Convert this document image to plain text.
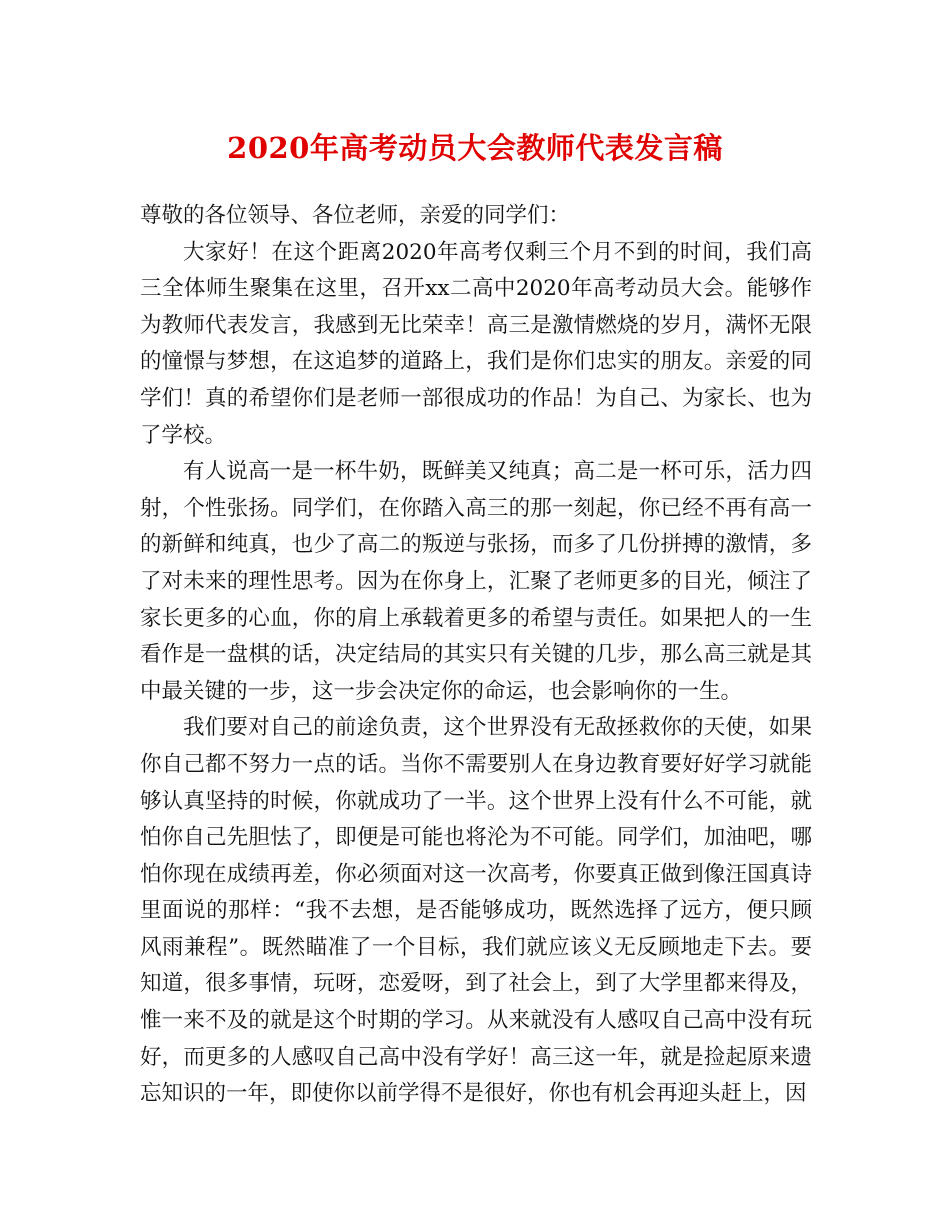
2020年高考动员大会教师代表发言稿

尊敬的各位领导、各位老师，亲爱的同学们：

大家好！在这个距离2020年高考仅剩三个月不到的时间，我们高三全体师生聚集在这里，召开xx二高中2020年高考动员大会。能够作为教师代表发言，我感到无比荣幸！高三是激情燃烧的岁月，满怀无限的憧憬与梦想，在这追梦的道路上，我们是你们忠实的朋友。亲爱的同学们！真的希望你们是老师一部很成功的作品！为自己、为家长、也为了学校。

有人说高一是一杯牛奶，既鲜美又纯真；高二是一杯可乐，活力四射，个性张扬。同学们，在你踏入高三的那一刻起，你已经不再有高一的新鲜和纯真，也少了高二的叛逆与张扬，而多了几份拼搏的激情，多了对未来的理性思考。因为在你身上，汇聚了老师更多的目光，倾注了家长更多的心血，你的肩上承载着更多的希望与责任。如果把人的一生看作是一盘棋的话，决定结局的其实只有关键的几步，那么高三就是其中最关键的一步，这一步会决定你的命运，也会影响你的一生。

我们要对自己的前途负责，这个世界没有无敌拯救你的天使，如果你自己都不努力一点的话。当你不需要别人在身边教育要好好学习就能够认真坚持的时候，你就成功了一半。这个世界上没有什么不可能，就怕你自己先胆怯了，即便是可能也将沦为不可能。同学们，加油吧，哪怕你现在成绩再差，你必须面对这一次高考，你要真正做到像汪国真诗里面说的那样：“我不去想，是否能够成功，既然选择了远方，便只顾风雨兼程”。既然瞄准了一个目标，我们就应该义无反顾地走下去。要知道，很多事情，玩呀，恋爱呀，到了社会上，到了大学里都来得及，惟一来不及的就是这个时期的学习。从来就没有人感叹自己高中没有玩好，而更多的人感叹自己高中没有学好！高三这一年，就是捡起原来遗忘知识的一年，即使你以前学得不是很好，你也有机会再迎头赶上，因
